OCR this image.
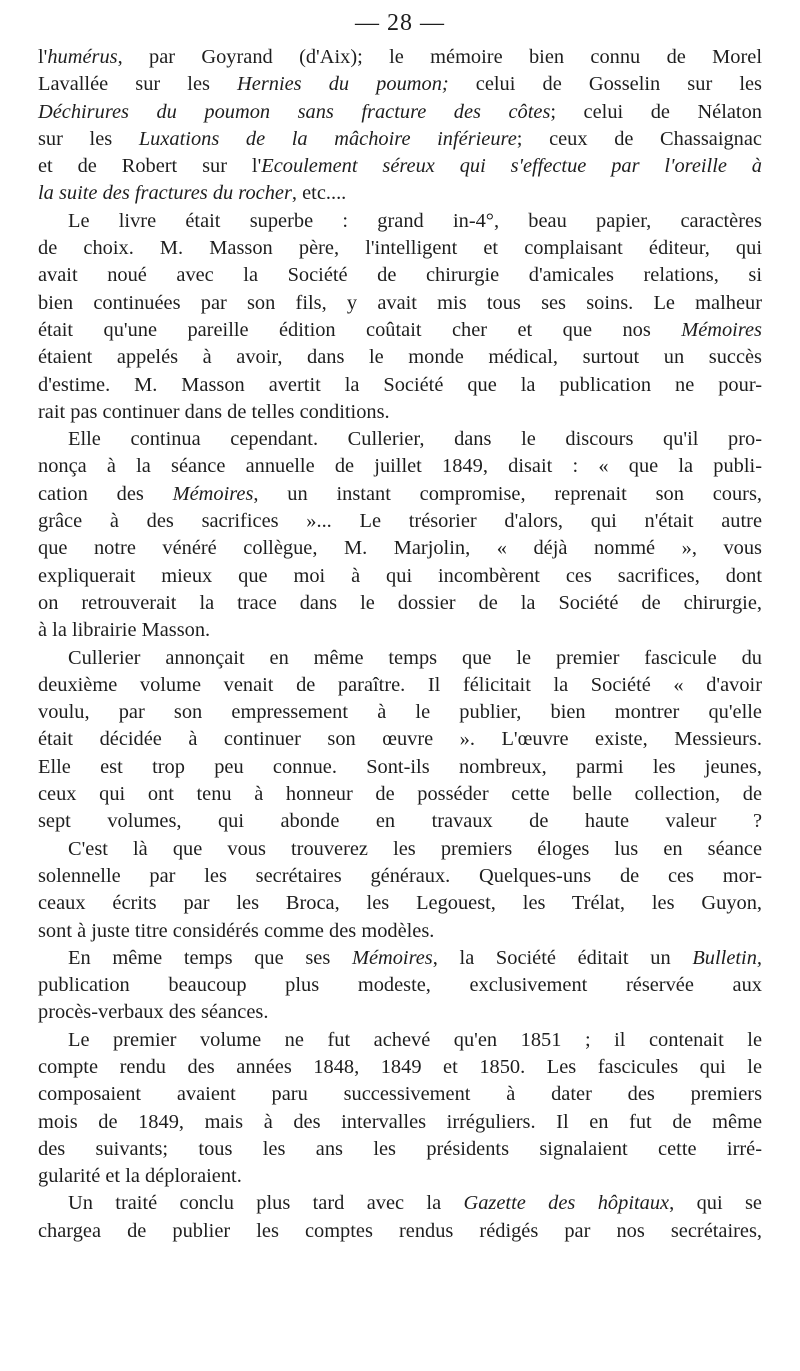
— 28 —
l'humérus, par Goyrand (d'Aix); le mémoire bien connu de Morel
Lavallée sur les Hernies du poumon; celui de Gosselin sur les
Déchirures du poumon sans fracture des côtes; celui de Nélaton
sur les Luxations de la mâchoire inférieure; ceux de Chassaignac
et de Robert sur l'Ecoulement séreux qui s'effectue par l'oreille à
la suite des fractures du rocher, etc....
Le livre était superbe : grand in-4°, beau papier, caractères
de choix. M. Masson père, l'intelligent et complaisant éditeur, qui
avait noué avec la Société de chirurgie d'amicales relations, si
bien continuées par son fils, y avait mis tous ses soins. Le malheur
était qu'une pareille édition coûtait cher et que nos Mémoires
étaient appelés à avoir, dans le monde médical, surtout un succès
d'estime. M. Masson avertit la Société que la publication ne pour-
rait pas continuer dans de telles conditions.
Elle continua cependant. Cullerier, dans le discours qu'il pro-
nonça à la séance annuelle de juillet 1849, disait : « que la publi-
cation des Mémoires, un instant compromise, reprenait son cours,
grâce à des sacrifices »... Le trésorier d'alors, qui n'était autre
que notre vénéré collègue, M. Marjolin, « déjà nommé », vous
expliquerait mieux que moi à qui incombèrent ces sacrifices, dont
on retrouverait la trace dans le dossier de la Société de chirurgie,
à la librairie Masson.
Cullerier annonçait en même temps que le premier fascicule du
deuxième volume venait de paraître. Il félicitait la Société « d'avoir
voulu, par son empressement à le publier, bien montrer qu'elle
était décidée à continuer son œuvre ». L'œuvre existe, Messieurs.
Elle est trop peu connue. Sont-ils nombreux, parmi les jeunes,
ceux qui ont tenu à honneur de posséder cette belle collection, de
sept volumes, qui abonde en travaux de haute valeur ?
C'est là que vous trouverez les premiers éloges lus en séance
solennelle par les secrétaires généraux. Quelques-uns de ces mor-
ceaux écrits par les Broca, les Legouest, les Trélat, les Guyon,
sont à juste titre considérés comme des modèles.
En même temps que ses Mémoires, la Société éditait un Bulletin,
publication beaucoup plus modeste, exclusivement réservée aux
procès-verbaux des séances.
Le premier volume ne fut achevé qu'en 1851 ; il contenait le
compte rendu des années 1848, 1849 et 1850. Les fascicules qui le
composaient avaient paru successivement à dater des premiers
mois de 1849, mais à des intervalles irréguliers. Il en fut de même
des suivants; tous les ans les présidents signalaient cette irré-
gularité et la déploraient.
Un traité conclu plus tard avec la Gazette des hôpitaux, qui se
chargea de publier les comptes rendus rédigés par nos secrétaires,
